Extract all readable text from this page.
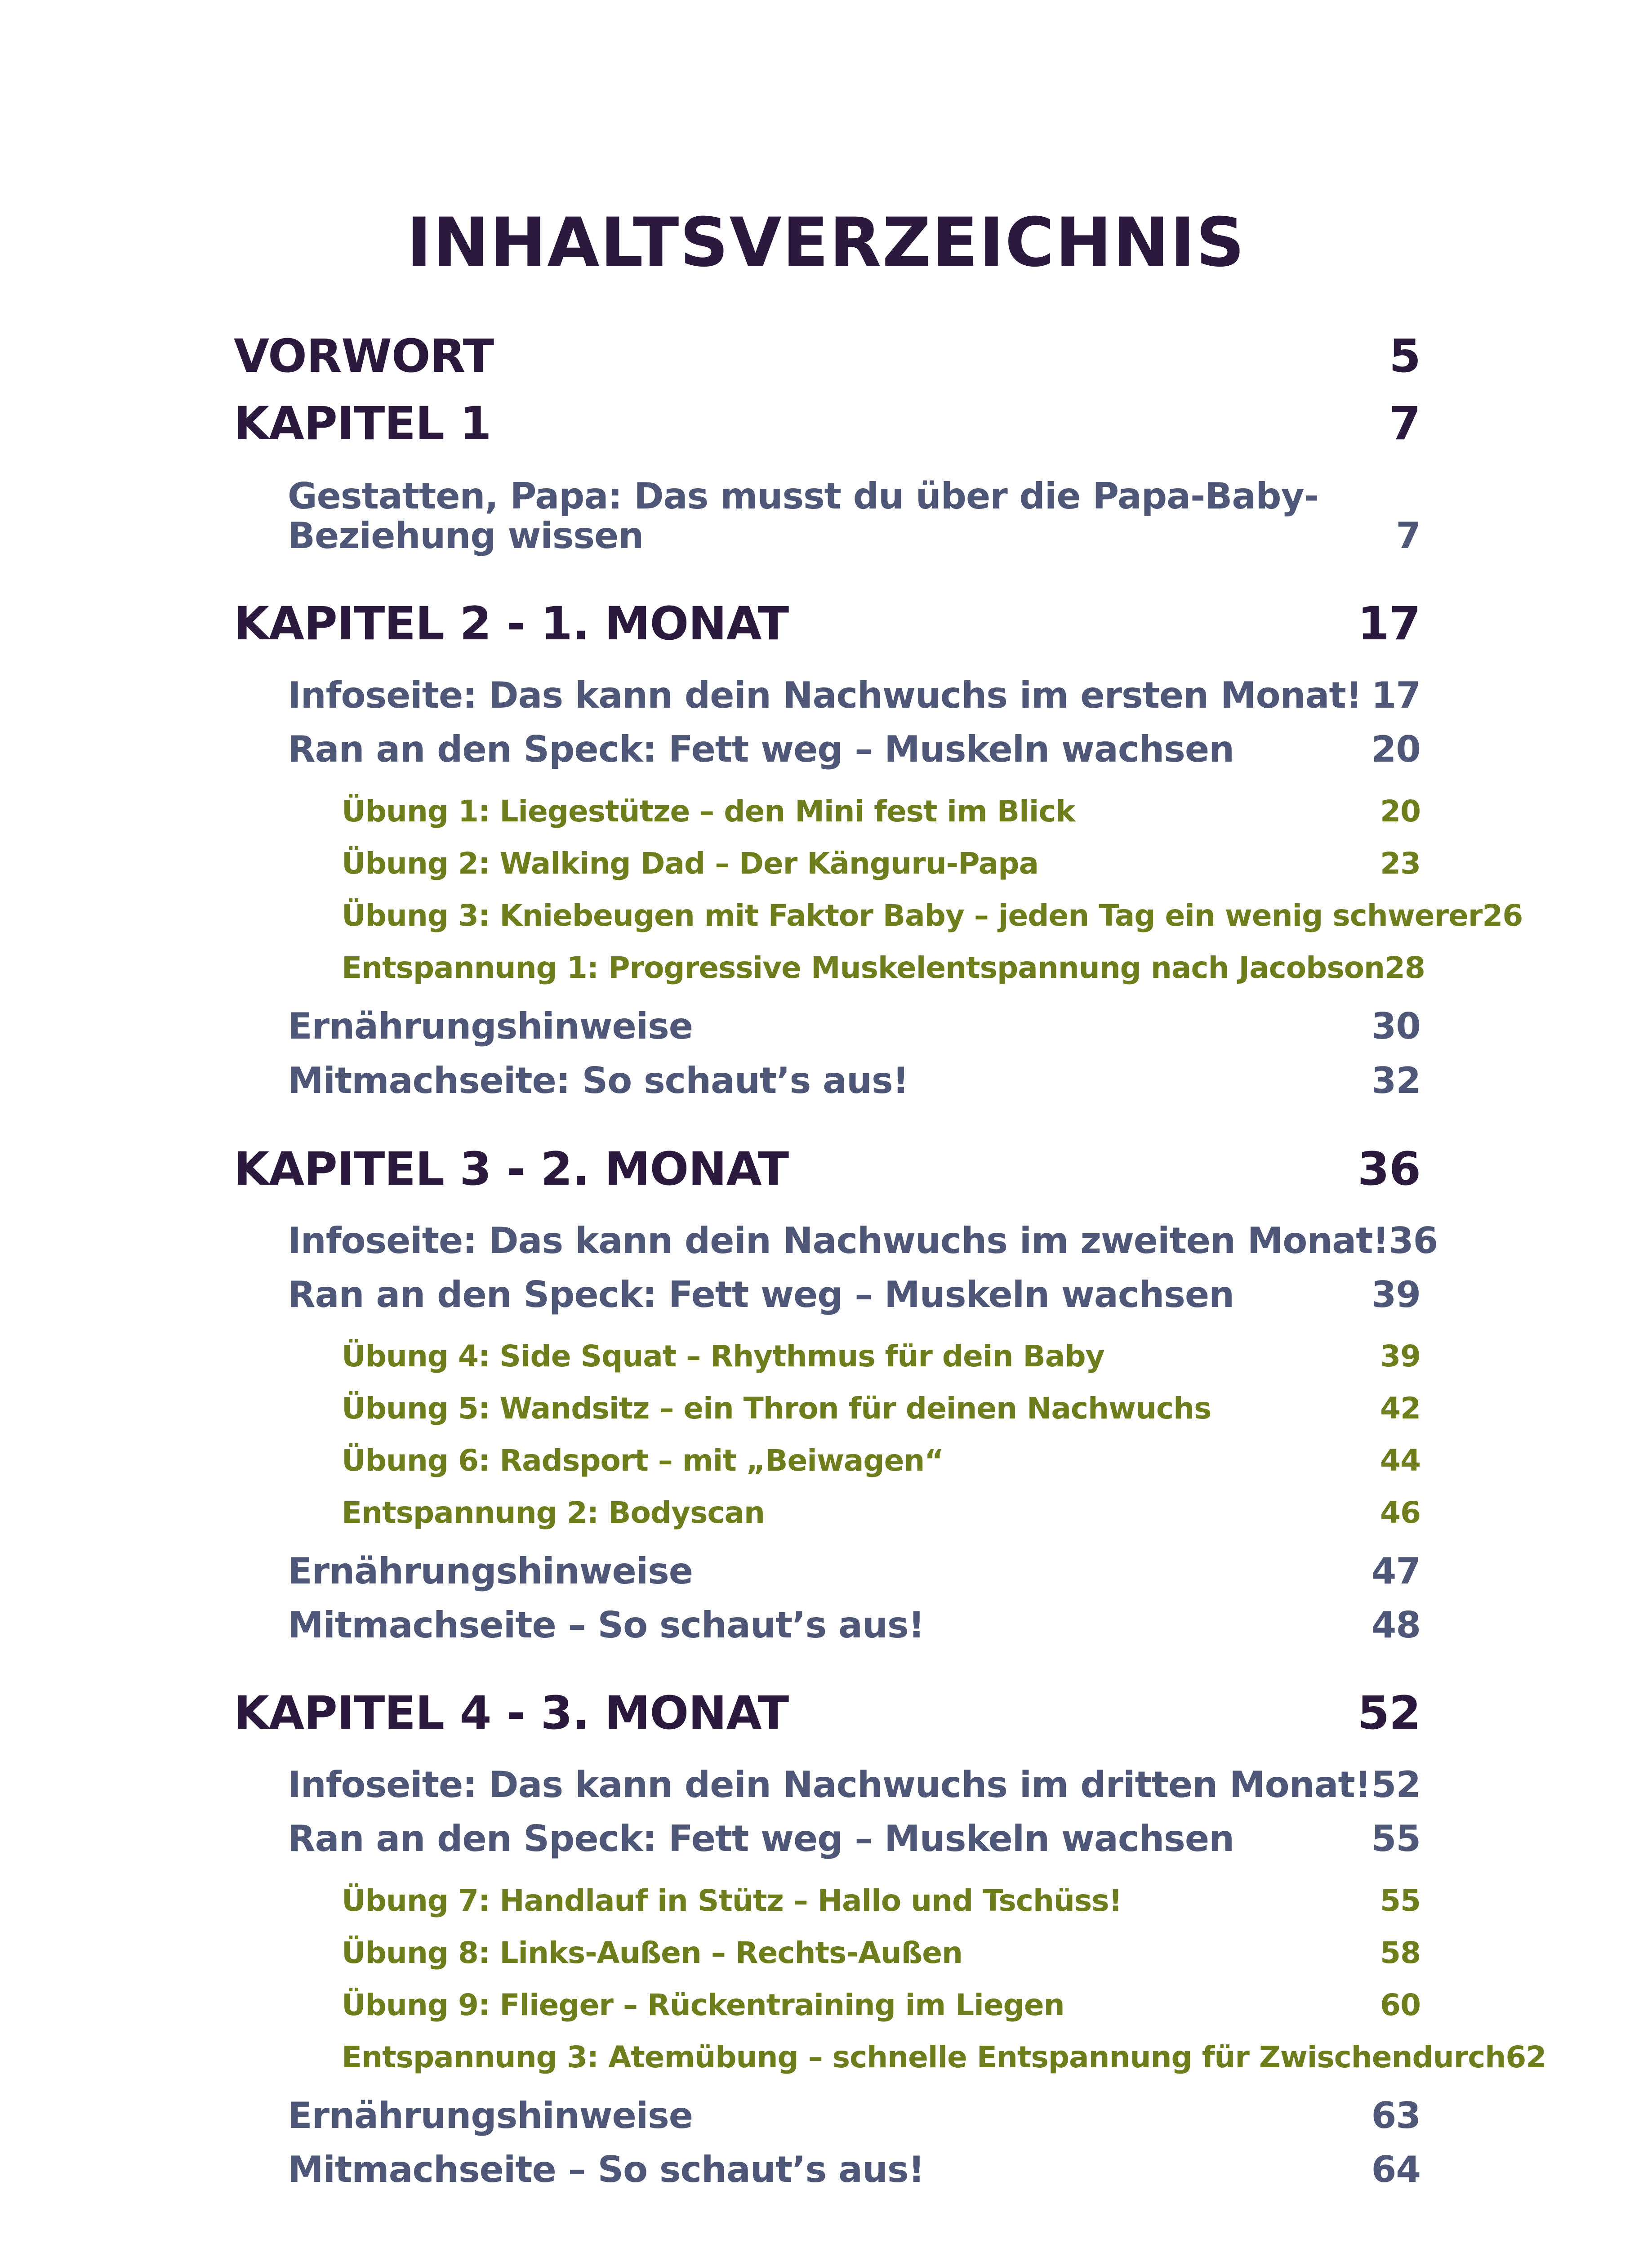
INHALTSVERZEICHNIS
VORWORT	5
KAPITEL 1	7
Gestatten, Papa: Das musst du über die Papa-Baby-Beziehung wissen	7
KAPITEL 2 - 1. MONAT	17
Infoseite: Das kann dein Nachwuchs im ersten Monat! 17
Ran an den Speck: Fett weg – Muskeln wachsen	20
Übung 1: Liegestütze – den Mini fest im Blick	20
Übung 2: Walking Dad – Der Känguru-Papa	23
Übung 3: Kniebeugen mit Faktor Baby – jeden Tag ein wenig schwerer 26
Entspannung 1: Progressive Muskelentspannung nach Jacobson 28
Ernährungshinweise	30
Mitmachseite: So schaut’s aus!	32
KAPITEL 3 - 2. MONAT	36
Infoseite: Das kann dein Nachwuchs im zweiten Monat! 36
Ran an den Speck: Fett weg – Muskeln wachsen	39
Übung 4: Side Squat – Rhythmus für dein Baby	39
Übung 5: Wandsitz – ein Thron für deinen Nachwuchs	42
Übung 6: Radsport – mit „Beiwagen“	44
Entspannung 2: Bodyscan	46
Ernährungshinweise	47
Mitmachseite – So schaut’s aus!	48
KAPITEL 4 - 3. MONAT	52
Infoseite: Das kann dein Nachwuchs im dritten Monat! 52
Ran an den Speck: Fett weg – Muskeln wachsen	55
Übung 7: Handlauf in Stütz – Hallo und Tschüss!	55
Übung 8: Links-Außen – Rechts-Außen	58
Übung 9: Flieger – Rückentraining im Liegen	60
Entspannung 3: Atemübung – schnelle Entspannung für Zwischendurch 62
Ernährungshinweise	63
Mitmachseite – So schaut’s aus!	64
